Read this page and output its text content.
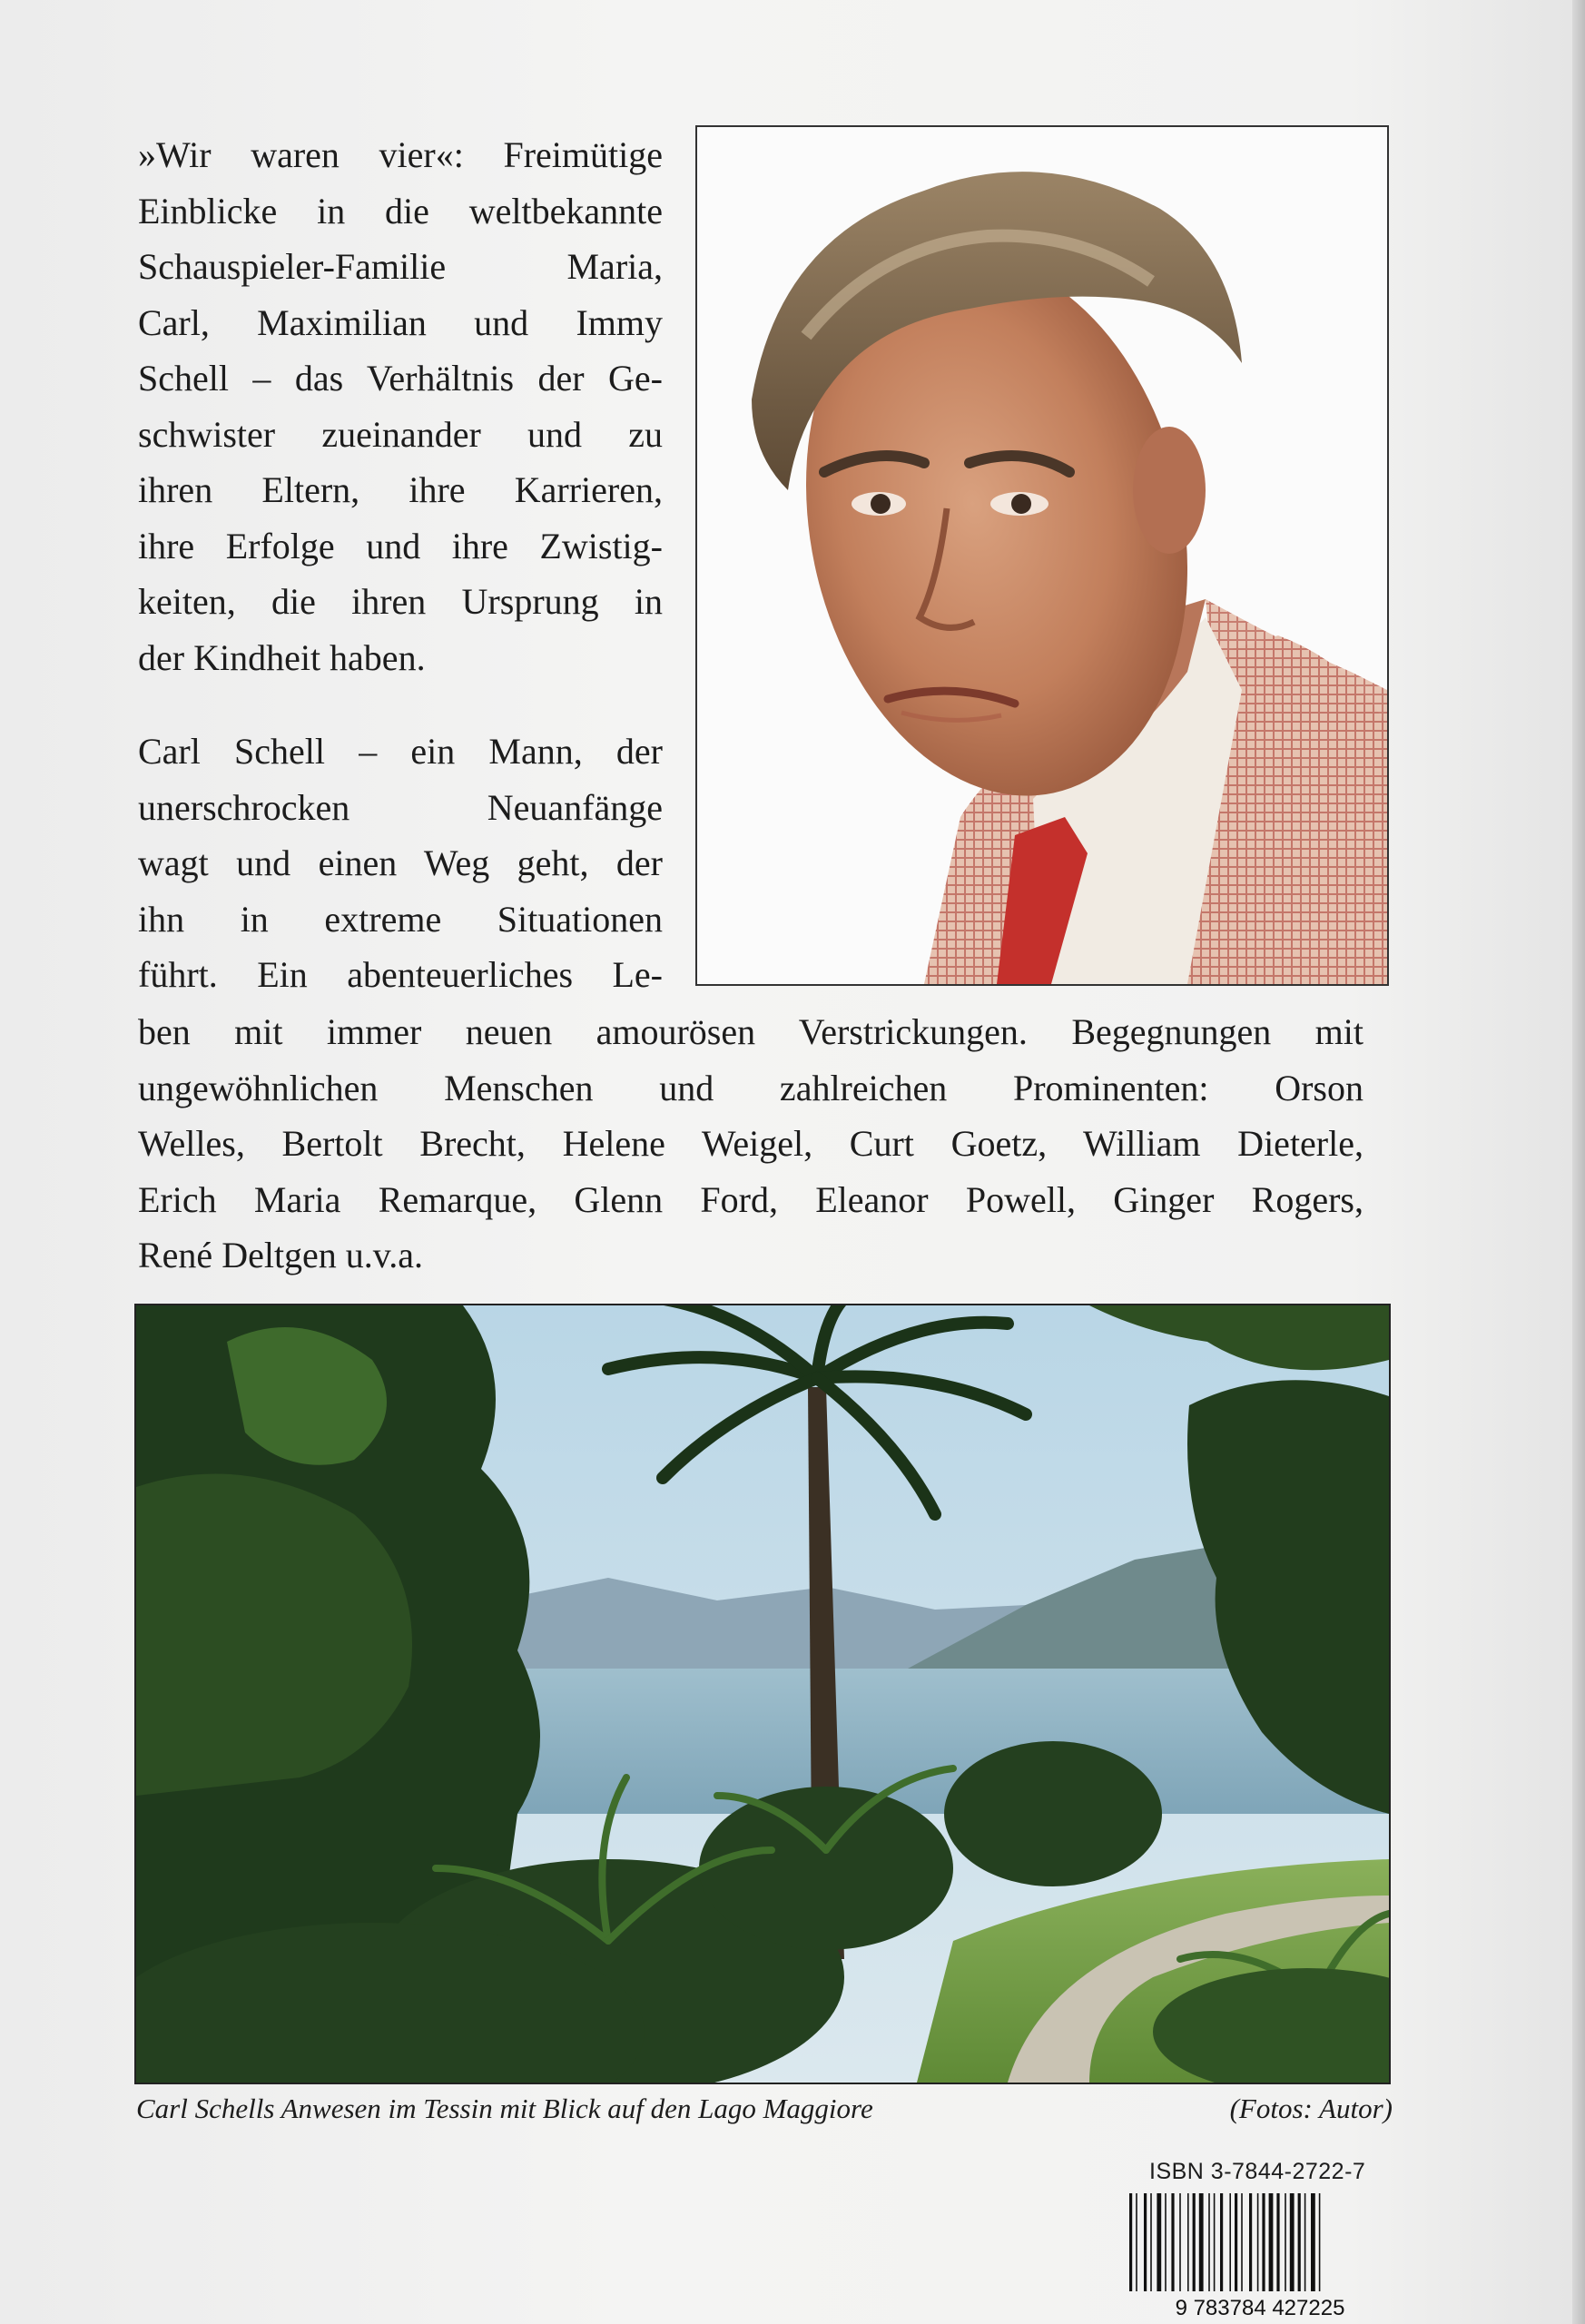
»Wir waren vier«: Freimütige
Einblicke in die weltbekannte
Schauspieler-Familie Maria,
Carl, Maximilian und Immy
Schell – das Verhältnis der Ge-
schwister zueinander und zu
ihren Eltern, ihre Karrieren,
ihre Erfolge und ihre Zwistig-
keiten, die ihren Ursprung in
der Kindheit haben.
Carl Schell – ein Mann, der
unerschrocken Neuanfänge
wagt und einen Weg geht, der
ihn in extreme Situationen
führt. Ein abenteuerliches Le-
ben mit immer neuen amourösen Verstrickungen. Begegnungen mit
ungewöhnlichen Menschen und zahlreichen Prominenten: Orson
Welles, Bertolt Brecht, Helene Weigel, Curt Goetz, William Dieterle,
Erich Maria Remarque, Glenn Ford, Eleanor Powell, Ginger Rogers,
René Deltgen u.v.a.
Carl Schells Anwesen im Tessin mit Blick auf den Lago Maggiore	(Fotos: Autor)
ISBN 3-7844-2722-7
9 783784 427225
